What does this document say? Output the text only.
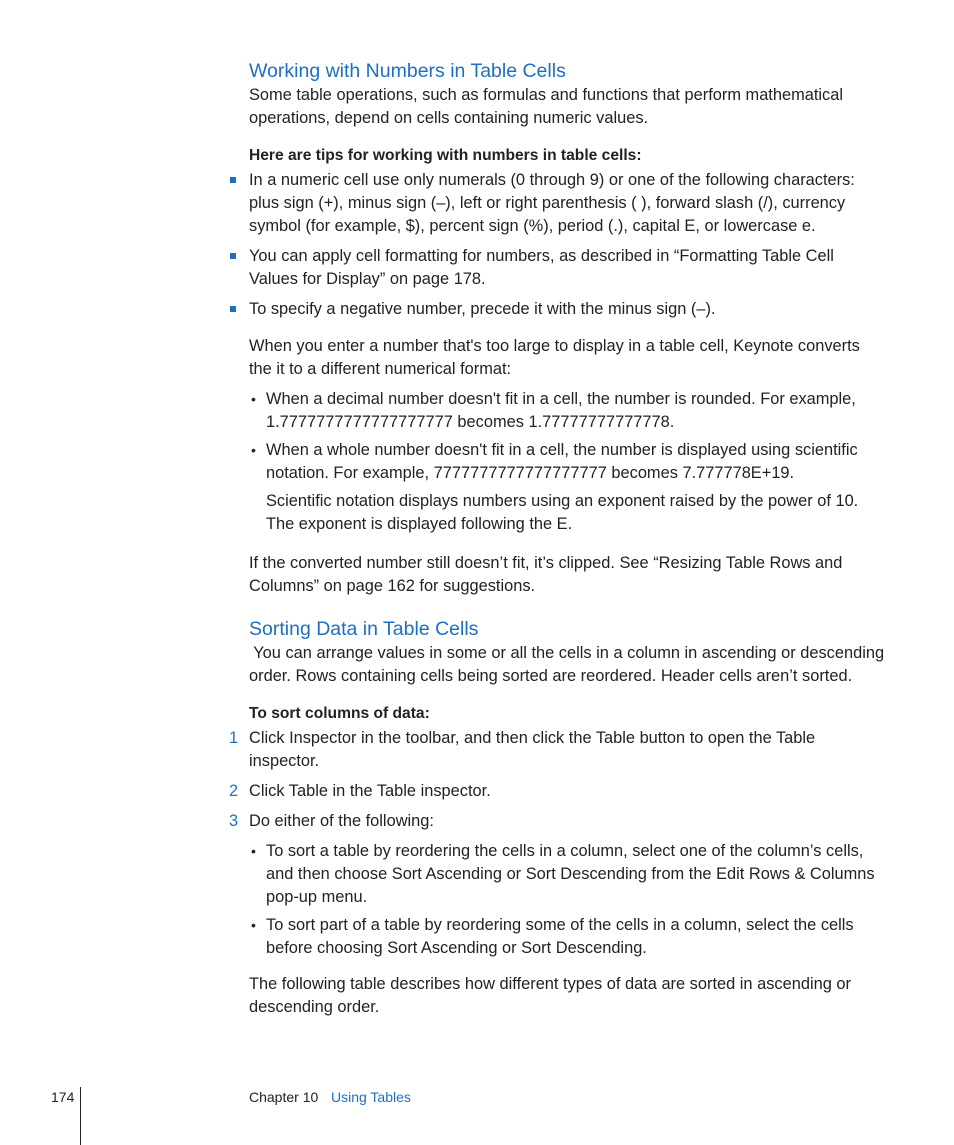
Working with Numbers in Table Cells
Some table operations, such as formulas and functions that perform mathematical
operations, depend on cells containing numeric values.
Here are tips for working with numbers in table cells:
In a numeric cell use only numerals (0 through 9) or one of the following characters:
plus sign (+), minus sign (–), left or right parenthesis ( ), forward slash (/), currency
symbol (for example, $), percent sign (%), period (.), capital E, or lowercase e.
You can apply cell formatting for numbers, as described in “Formatting Table Cell
Values for Display” on page 178.
To specify a negative number, precede it with the minus sign (–).
When you enter a number that's too large to display in a table cell, Keynote converts
the it to a different numerical format:
• When a decimal number doesn't fit in a cell, the number is rounded. For example,
1.7777777777777777777 becomes 1.77777777777778.
• When a whole number doesn't fit in a cell, the number is displayed using scientific
notation. For example, 7777777777777777777 becomes 7.777778E+19.
Scientific notation displays numbers using an exponent raised by the power of 10.
The exponent is displayed following the E.
If the converted number still doesn’t fit, it’s clipped. See “Resizing Table Rows and
Columns” on page 162 for suggestions.
Sorting Data in Table Cells
You can arrange values in some or all the cells in a column in ascending or descending
order. Rows containing cells being sorted are reordered. Header cells aren’t sorted.
To sort columns of data:
1 Click Inspector in the toolbar, and then click the Table button to open the Table
inspector.
2 Click Table in the Table inspector.
3 Do either of the following:
• To sort a table by reordering the cells in a column, select one of the column’s cells,
and then choose Sort Ascending or Sort Descending from the Edit Rows & Columns
pop-up menu.
• To sort part of a table by reordering some of the cells in a column, select the cells
before choosing Sort Ascending or Sort Descending.
The following table describes how different types of data are sorted in ascending or
descending order.
174	Chapter 10 Using Tables
